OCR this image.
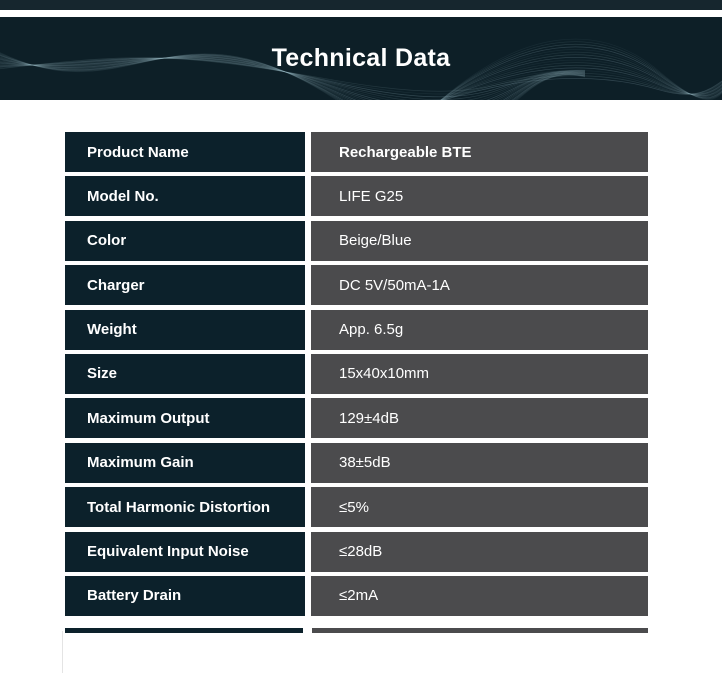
Technical Data
Product Name	Rechargeable BTE
Model No.	LIFE G25
Color	Beige/Blue
Charger	DC 5V/50mA-1A
Weight	App. 6.5g
Size	15x40x10mm
Maximum Output	129±4dB
Maximum Gain	38±5dB
Total Harmonic Distortion	≤5%
Equivalent Input Noise	≤28dB
Battery Drain	≤2mA
